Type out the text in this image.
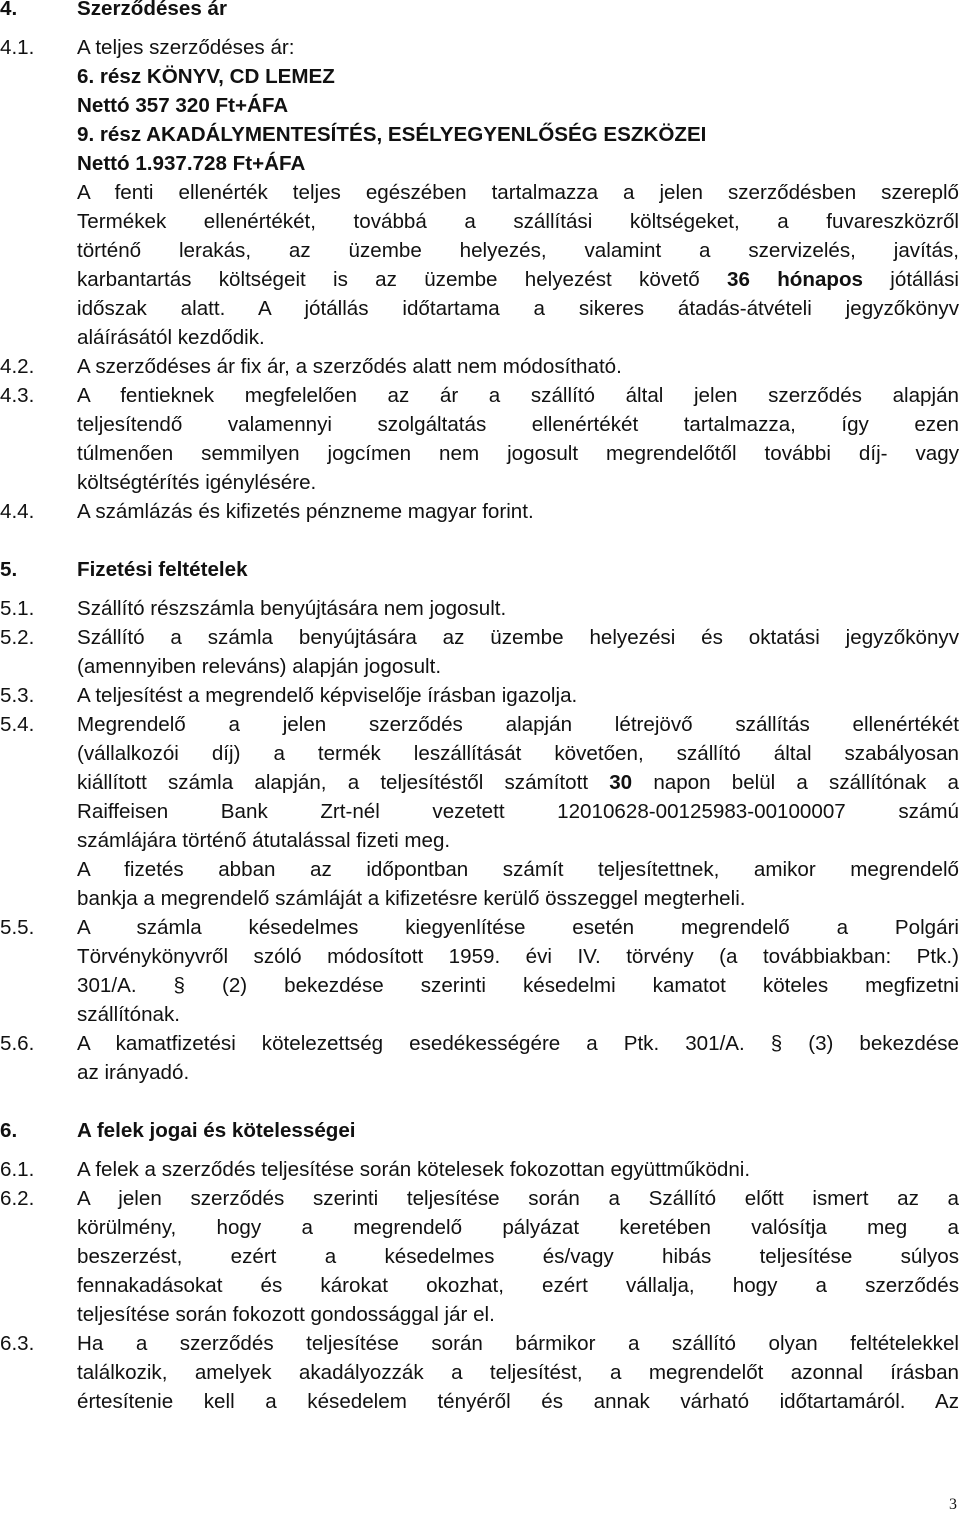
4.	Szerződéses ár
4.1.	A teljes szerződéses ár:
6. rész KÖNYV, CD LEMEZ
Nettó 357 320 Ft+ÁFA
9. rész AKADÁLYMENTESÍTÉS, ESÉLYEGYENLŐSÉG ESZKÖZEI
Nettó 1.937.728 Ft+ÁFA
A fenti ellenérték teljes egészében tartalmazza a jelen szerződésben szereplő
Termékek ellenértékét, továbbá a szállítási költségeket, a fuvareszközről
történő lerakás, az üzembe helyezés, valamint a szervizelés, javítás,
karbantartás költségeit is az üzembe helyezést követő 36 hónapos jótállási
időszak alatt. A jótállás időtartama a sikeres átadás-átvételi jegyzőkönyv
aláírásától kezdődik.
4.2.	A szerződéses ár fix ár, a szerződés alatt nem módosítható.
4.3.	A fentieknek megfelelően az ár a szállító által jelen szerződés alapján
teljesítendő valamennyi szolgáltatás ellenértékét tartalmazza, így ezen
túlmenően semmilyen jogcímen nem jogosult megrendelőtől további díj- vagy
költségtérítés igénylésére.
4.4.	A számlázás és kifizetés pénzneme magyar forint.
5.	Fizetési feltételek
5.1.	Szállító részszámla benyújtására nem jogosult.
5.2.	Szállító a számla benyújtására az üzembe helyezési és oktatási jegyzőkönyv
(amennyiben releváns) alapján jogosult.
5.3.	A teljesítést a megrendelő képviselője írásban igazolja.
5.4.	Megrendelő a jelen szerződés alapján létrejövő szállítás ellenértékét
(vállalkozói díj) a termék leszállítását követően, szállító által szabályosan
kiállított számla alapján, a teljesítéstől számított 30 napon belül a szállítónak a
Raiffeisen Bank Zrt-nél vezetett 12010628-00125983-00100007 számú
számlájára történő átutalással fizeti meg.
A fizetés abban az időpontban számít teljesítettnek, amikor megrendelő
bankja a megrendelő számláját a kifizetésre kerülő összeggel megterheli.
5.5.	A számla késedelmes kiegyenlítése esetén megrendelő a Polgári
Törvénykönyvről szóló módosított 1959. évi IV. törvény (a továbbiakban: Ptk.)
301/A. § (2) bekezdése szerinti késedelmi kamatot köteles megfizetni
szállítónak.
5.6.	A kamatfizetési kötelezettség esedékességére a Ptk. 301/A. § (3) bekezdése
az irányadó.
6.	A felek jogai és kötelességei
6.1.	A felek a szerződés teljesítése során kötelesek fokozottan együttműködni.
6.2.	A jelen szerződés szerinti teljesítése során a Szállító előtt ismert az a
körülmény, hogy a megrendelő pályázat keretében valósítja meg a
beszerzést, ezért a késedelmes és/vagy hibás teljesítése súlyos
fennakadásokat és károkat okozhat, ezért vállalja, hogy a szerződés
teljesítése során fokozott gondossággal jár el.
6.3.	Ha a szerződés teljesítése során bármikor a szállító olyan feltételekkel
találkozik, amelyek akadályozzák a teljesítést, a megrendelőt azonnal írásban
értesítenie kell a késedelem tényéről és annak várható időtartamáról. Az
3
